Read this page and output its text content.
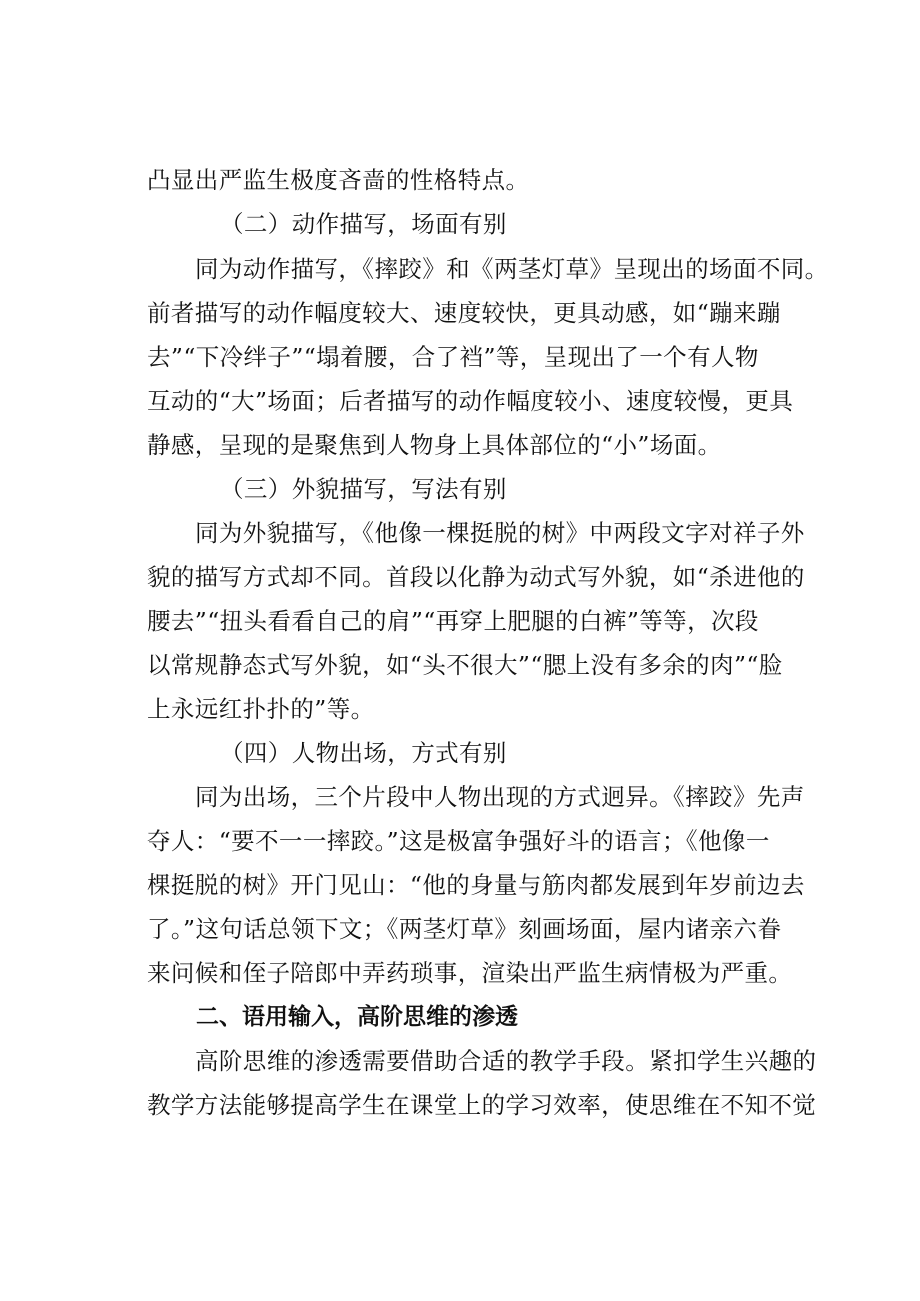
凸显出严监生极度吝啬的性格特点。
（二）动作描写，场面有别
同为动作描写，《摔跤》和《两茎灯草》呈现出的场面不同。
前者描写的动作幅度较大、速度较快，更具动感，如“蹦来蹦
去”“下冷绊子”“塌着腰，合了裆”等，呈现出了一个有人物
互动的“大”场面；后者描写的动作幅度较小、速度较慢，更具
静感，呈现的是聚焦到人物身上具体部位的“小”场面。
（三）外貌描写，写法有别
同为外貌描写，《他像一棵挺脱的树》中两段文字对祥子外
貌的描写方式却不同。首段以化静为动式写外貌，如“杀进他的
腰去”“扭头看看自己的肩”“再穿上肥腿的白裤”等等，次段
以常规静态式写外貌，如“头不很大”“腮上没有多余的肉”“脸
上永远红扑扑的”等。
（四）人物出场，方式有别
同为出场，三个片段中人物出现的方式迥异。《摔跤》先声
夺人：“要不一一摔跤。”这是极富争强好斗的语言；《他像一
棵挺脱的树》开门见山：“他的身量与筋肉都发展到年岁前边去
了。”这句话总领下文；《两茎灯草》刻画场面，屋内诸亲六眷
来问候和侄子陪郎中弄药琐事，渲染出严监生病情极为严重。
二、语用输入，高阶思维的渗透
高阶思维的渗透需要借助合适的教学手段。紧扣学生兴趣的
教学方法能够提高学生在课堂上的学习效率，使思维在不知不觉
